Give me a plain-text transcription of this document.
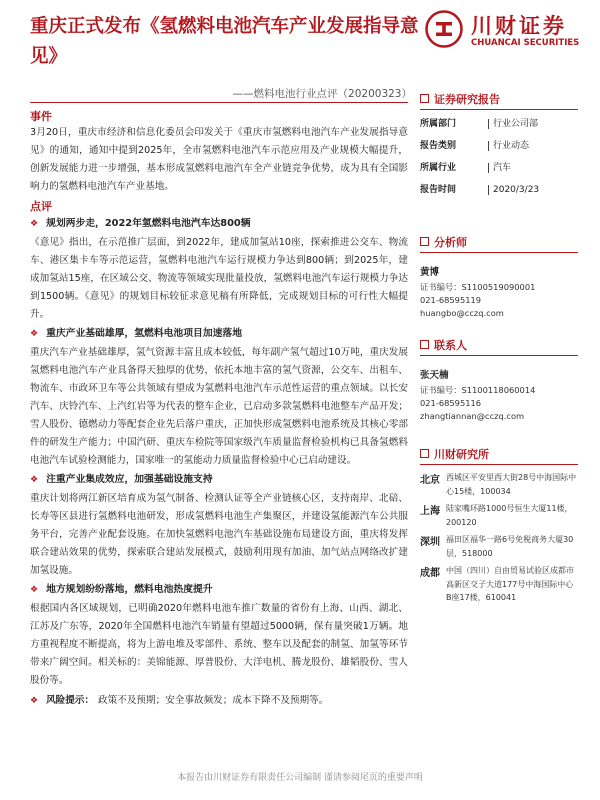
重庆正式发布《氢燃料电池汽车产业发展指导意见》
川财证券
CHUANCAI SECURITIES
——燃料电池行业点评（20200323）
事件
3月20日，重庆市经济和信息化委员会印发关于《重庆市氢燃料电池汽车产业发展指导意见》的通知，通知中提到2025年，全市氢燃料电池汽车示范应用及产业规模大幅提升，创新发展能力进一步增强，基本形成氢燃料电池汽车全产业链竞争优势，成为具有全国影响力的氢燃料电池汽车产业基地。
点评
❖ 规划两步走，2022年氢燃料电池汽车达800辆
《意见》指出，在示范推广层面，到2022年，建成加氢站10座，探索推进公交车、物流车、港区集卡车等示范运营，氢燃料电池汽车运行规模力争达到800辆；到2025年，建成加氢站15座，在区域公交、物流等领域实现批量投放，氢燃料电池汽车运行规模力争达到1500辆。《意见》的规划目标较征求意见稿有所降低，完成规划目标的可行性大幅提升。
❖ 重庆产业基础雄厚，氢燃料电池项目加速落地
重庆汽车产业基础雄厚，氢气资源丰富且成本较低，每年副产氢气超过10万吨，重庆发展氢燃料电池汽车产业具备得天独厚的优势，依托本地丰富的氢气资源，公交车、出租车、物流车、市政环卫车等公共领域有望成为氢燃料电池汽车示范性运营的重点领域。以长安汽车、庆铃汽车、上汽红岩等为代表的整车企业，已启动多款氢燃料电池整车产品开发；雪人股份、德燃动力等配套企业先后落户重庆，正加快形成氢燃料电池系统及其核心零部件的研发生产能力；中国汽研、重庆车检院等国家级汽车质量监督检验机构已具备氢燃料电池汽车试验检测能力，国家唯一的氢能动力质量监督检验中心已启动建设。
❖ 注重产业集成效应，加强基础设施支持
重庆计划将两江新区培育成为氢气制备、检测认证等全产业链核心区，支持南岸、北碚、长寿等区县进行氢燃料电池研发，形成氢燃料电池生产集聚区，并建设氢能源汽车公共服务平台，完善产业配套设施。在加快氢燃料电池汽车基础设施布局建设方面，重庆将发挥联合建站效果的优势，探索联合建站发展模式，鼓励利用现有加油、加气站点网络改扩建加氢设施。
❖ 地方规划纷纷落地，燃料电池热度提升
根据国内各区域规划，已明确2020年燃料电池车推广数量的省份有上海、山西、湖北、江苏及广东等，2020年全国燃料电池汽车销量有望超过5000辆，保有量突破1万辆。地方重视程度不断提高，将为上游电堆及零部件、系统、整车以及配套的制氢、加氢等环节带来广阔空间。相关标的：美锦能源、厚普股份、大洋电机、腾龙股份、雄韬股份、雪人股份等。
❖ 风险提示： 政策不及预期；安全事故频发；成本下降不及预期等。
证券研究报告
所属部门	行业公司部
报告类别	行业动态
所属行业	汽车
报告时间	2020/3/23
分析师
黄博
证书编号：S1100519090001
021-68595119
huangbo@cczq.com
联系人
张天楠
证书编号：S1100118060014
021-68595116
zhangtiannan@cczq.com
川财研究所
北京 西城区平安里西大街28号中海国际中心15楼，100034
上海 陆家嘴环路1000号恒生大厦11楼，200120
深圳 福田区福华一路6号免税商务大厦30层，518000
成都 中国（四川）自由贸易试验区成都市高新区交子大道177号中海国际中心B座17楼，610041
本报告由川财证券有限责任公司编制 谨请参阅尾页的重要声明
